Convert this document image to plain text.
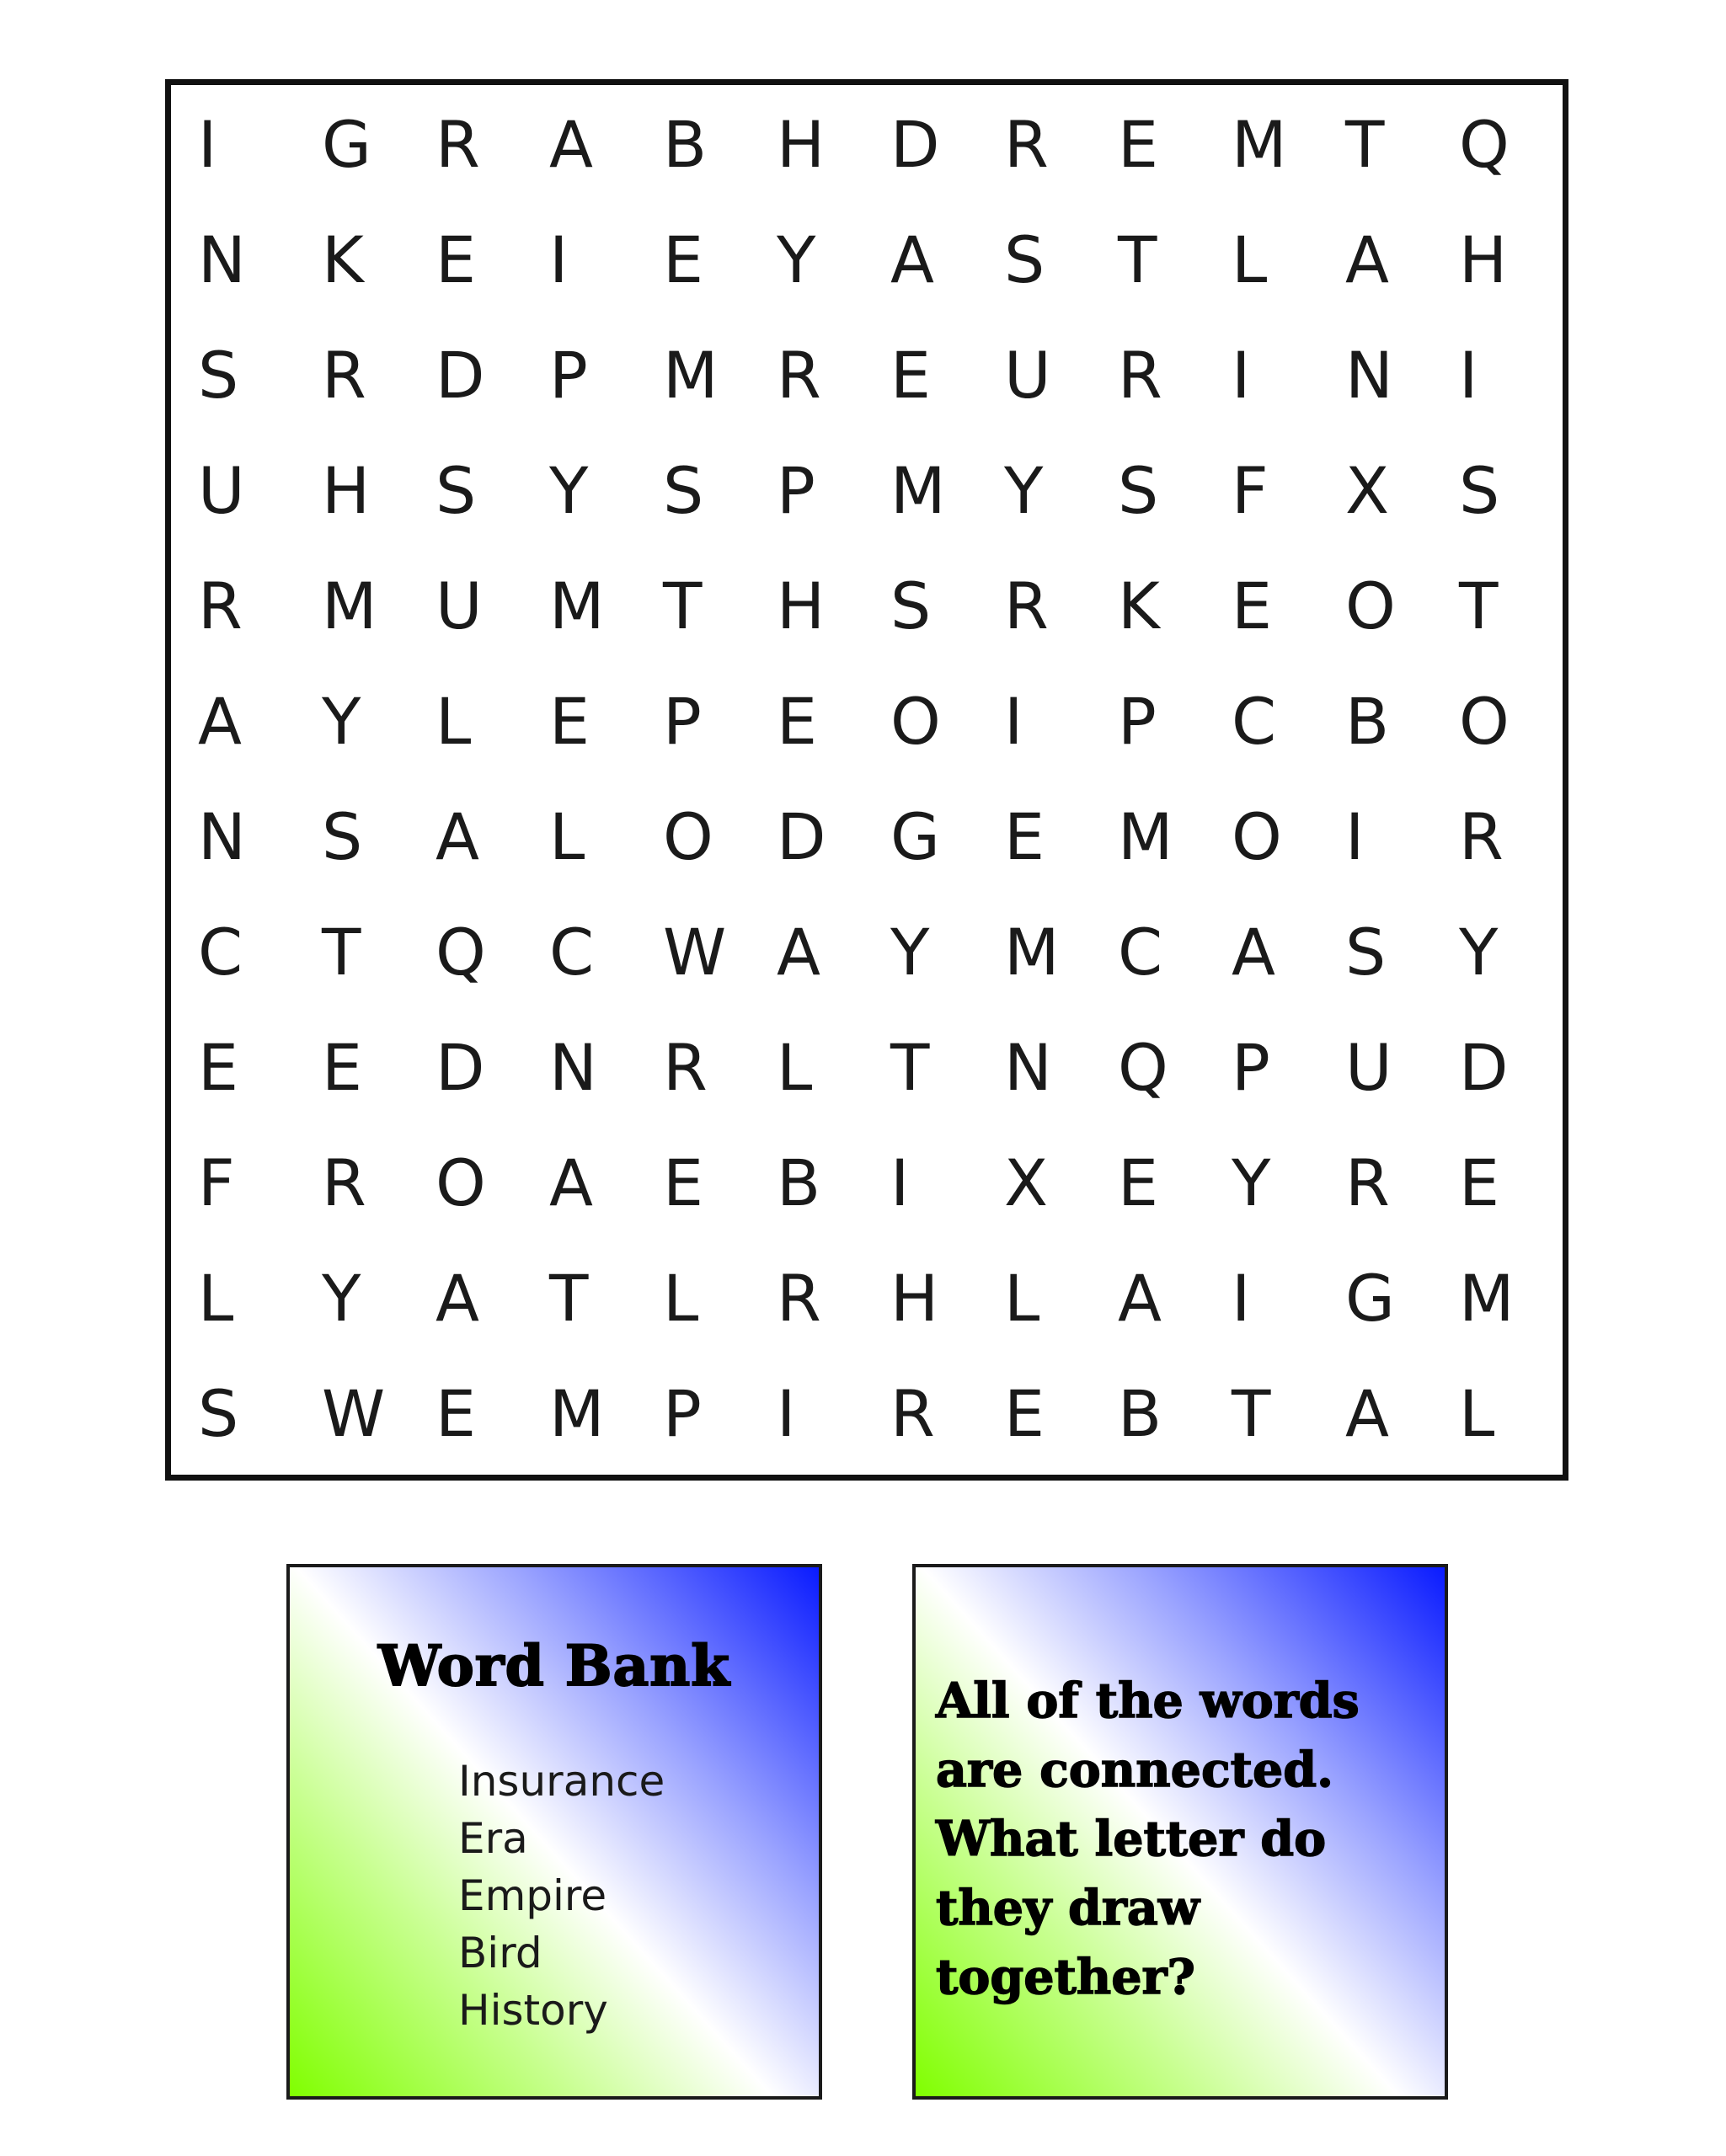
I	G	R	A	B	H	D	R	E	M T	Q
N	K	E	I	E	Y	A	S	T	L	A	H
S	R	D	P	M R	E	U	R	I	N	I
U	H	S	Y	S	P	M Y	S	F	X	S
R	M U	M T	H	S	R	K	E	O T
A	Y	L	E	P	E	O I	P	C	B	O
N	S	A	L	O D	G	E	M O I	R
C	T	Q C	W A	Y	M C	A	S	Y
E	E	D	N	R	L	T	N	Q P	U	D
F	R	O A	E	B	I	X	E	Y	R	E
L	Y	A	T	L	R	H	L	A	I	G	M
S	W E	M P	I	R	E	B	T	A	L
Word Bank
Insurance
Era
Empire
Bird
History
All of the words
are connected.
What letter do
they draw
together?
